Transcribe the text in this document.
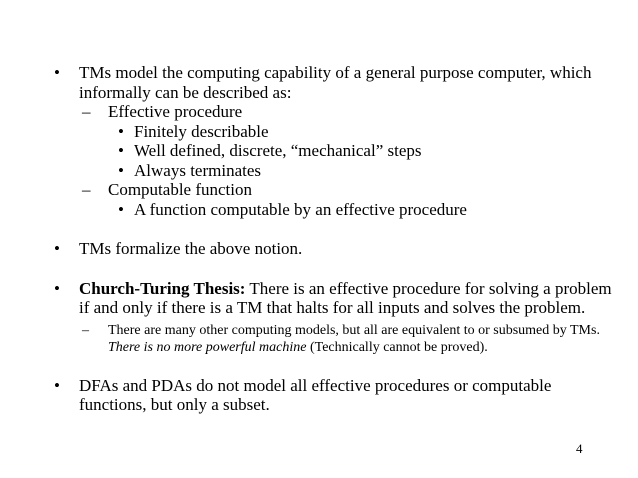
• TMs model the computing capability of a general purpose computer, which informally can be described as:
– Effective procedure
• Finitely describable
• Well defined, discrete, “mechanical” steps
• Always terminates
– Computable function
• A function computable by an effective procedure
• TMs formalize the above notion.
• Church-Turing Thesis: There is an effective procedure for solving a problem if and only if there is a TM that halts for all inputs and solves the problem.
– There are many other computing models, but all are equivalent to or subsumed by TMs. There is no more powerful machine (Technically cannot be proved).
• DFAs and PDAs do not model all effective procedures or computable functions, but only a subset.
4
